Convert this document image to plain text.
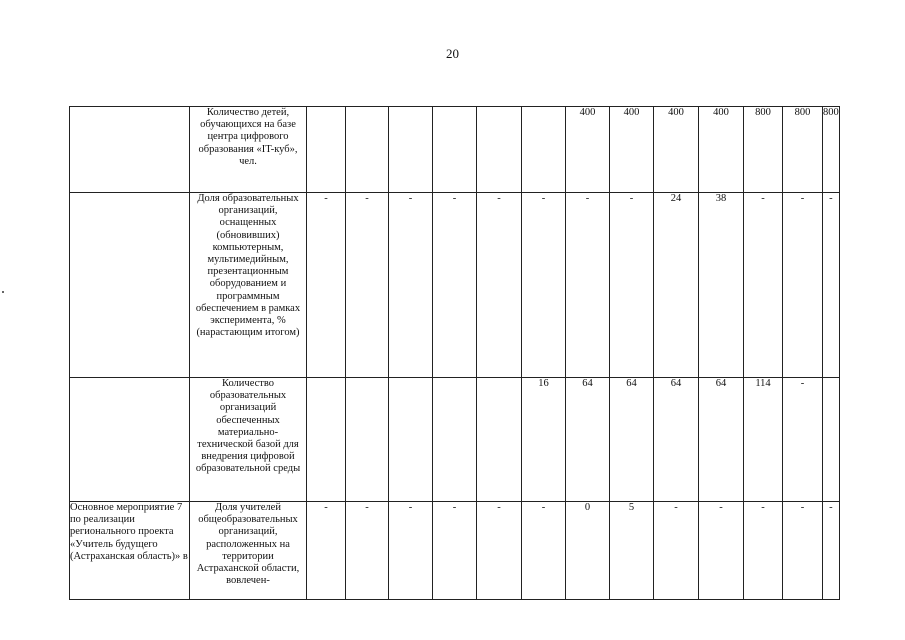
20
	Количество детей, обучающихся на базе центра цифрового образования «IT-куб», чел.							400	400	400	400	800	800	800
	Доля образовательных организаций, оснащенных (обновивших) компьютерным, мультимедийным, презентационным оборудованием и программным обеспечением в рамках эксперимента, % (нарастающим итогом)	-	-	-	-	-	-	-	-	24	38	-	-	-
	Количество образовательных организаций обеспеченных материально-технической базой для внедрения цифровой образовательной среды						16	64	64	64	64	114	-	
Основное мероприятие 7 по реализации регионального проекта «Учитель будущего (Астраханская область)» в	Доля учителей общеобразовательных организаций, расположенных на территории Астраханской области, вовлечен-	-	-	-	-	-	-	0	5	-	-	-	-	-
